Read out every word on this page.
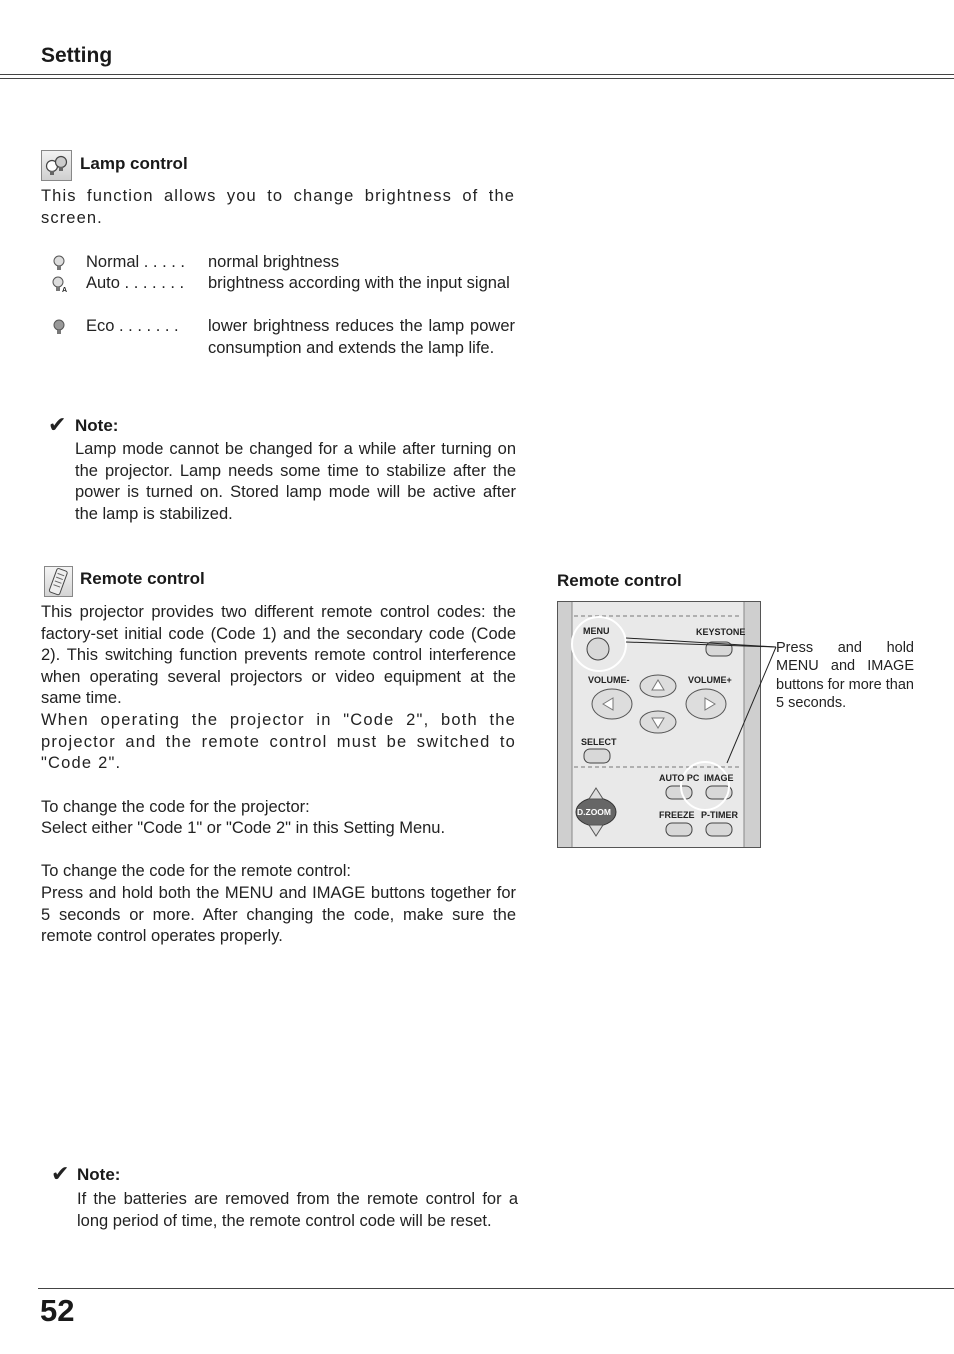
Setting
Lamp control
This function allows you to change brightness of the screen.
Normal . . . . .	normal brightness
A Auto . . . . . . .	brightness according with the input signal
Eco . . . . . . .	lower brightness reduces the lamp power consumption and extends the lamp life.
✔ Note:
Lamp mode cannot be changed for a while after turning on the projector. Lamp needs some time to stabilize after the power is turned on. Stored lamp mode will be active after the lamp is stabilized.
Remote control
This projector provides two different remote control codes: the factory-set initial code (Code 1) and the secondary code (Code 2). This switching function prevents remote control interference when operating several projectors or video equipment at the same time.
When operating the projector in "Code 2", both the projector and the remote control must be switched to "Code 2".
To change the code for the projector:
Select either "Code 1" or "Code 2" in this Setting Menu.
To change the code for the remote control:
Press and hold both the MENU and IMAGE buttons together for 5 seconds or more. After changing the code, make sure the remote control operates properly.
Remote control
MENU	KEYSTONE
VOLUME-	VOLUME+
SELECT
AUTO PC IMAGE
D.ZOOM	FREEZE P-TIMER
Press and hold MENU and IMAGE buttons for more than 5 seconds.
✔ Note:
If the batteries are removed from the remote control for a long period of time, the remote control code will be reset.
52
